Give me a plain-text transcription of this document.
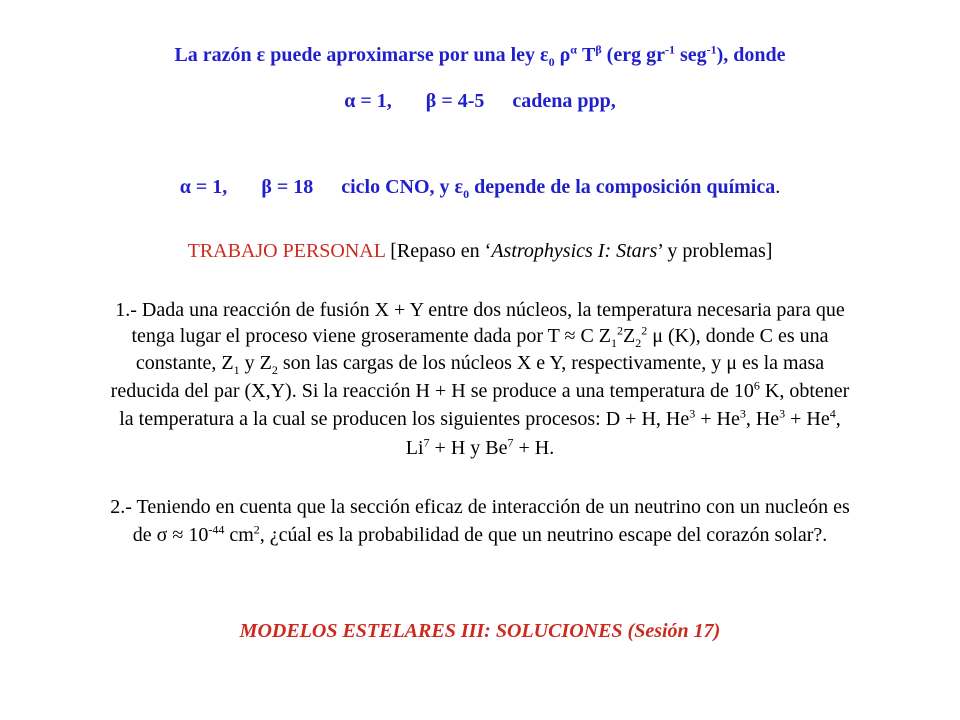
La razón ε puede aproximarse por una ley $\varepsilon_0$ $\rho^\alpha$ $T^\beta$ (erg $gr^{-1}$ seg$^{-1}$), donde
α = 1, β = 4-5 cadena ppp,
α = 1, β = 18 ciclo CNO, y $\varepsilon_0$ depende de la composición química.
TRABAJO PERSONAL [Repaso en ‘Astrophysics I: Stars’ y problemas]
1.- Dada una reacción de fusión X + Y entre dos núcleos, la temperatura necesaria para que
tenga lugar el proceso viene groseramente dada por T ≈ C $Z_1^2Z_2^2$ μ (K), donde C es una
constante, $Z_1$ y $Z_2$ son las cargas de los núcleos X e Y, respectivamente, y μ es la masa
reducida del par (X,Y). Si la reacción H + H se produce a una temperatura de $10^6$ K, obtener
la temperatura a la cual se producen los siguientes procesos: D + H, $He^3 + He^3$, $He^3 + He^4$,
$Li^7 + H$ y $Be^7 + H$.
2.- Teniendo en cuenta que la sección eficaz de interacción de un neutrino con un nucleón es
de $\sigma \approx 10^{-44}$ $cm^2$, ¿cúal es la probabilidad de que un neutrino escape del corazón solar?.
MODELOS ESTELARES III: SOLUCIONES (Sesión 17)
